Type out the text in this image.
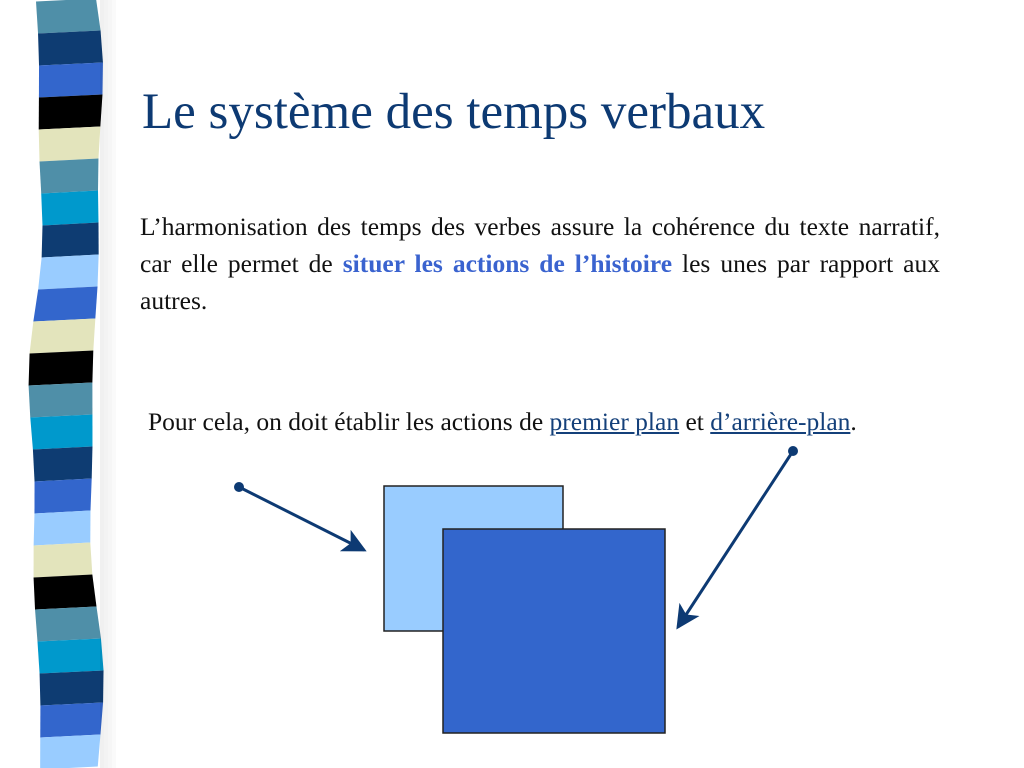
Le système des temps verbaux
L’harmonisation des temps des verbes assure la cohérence du texte narratif, car elle permet de situer les actions de l’histoire les unes par rapport aux autres.
Pour cela, on doit établir les actions de premier plan et d’arrière-plan.
